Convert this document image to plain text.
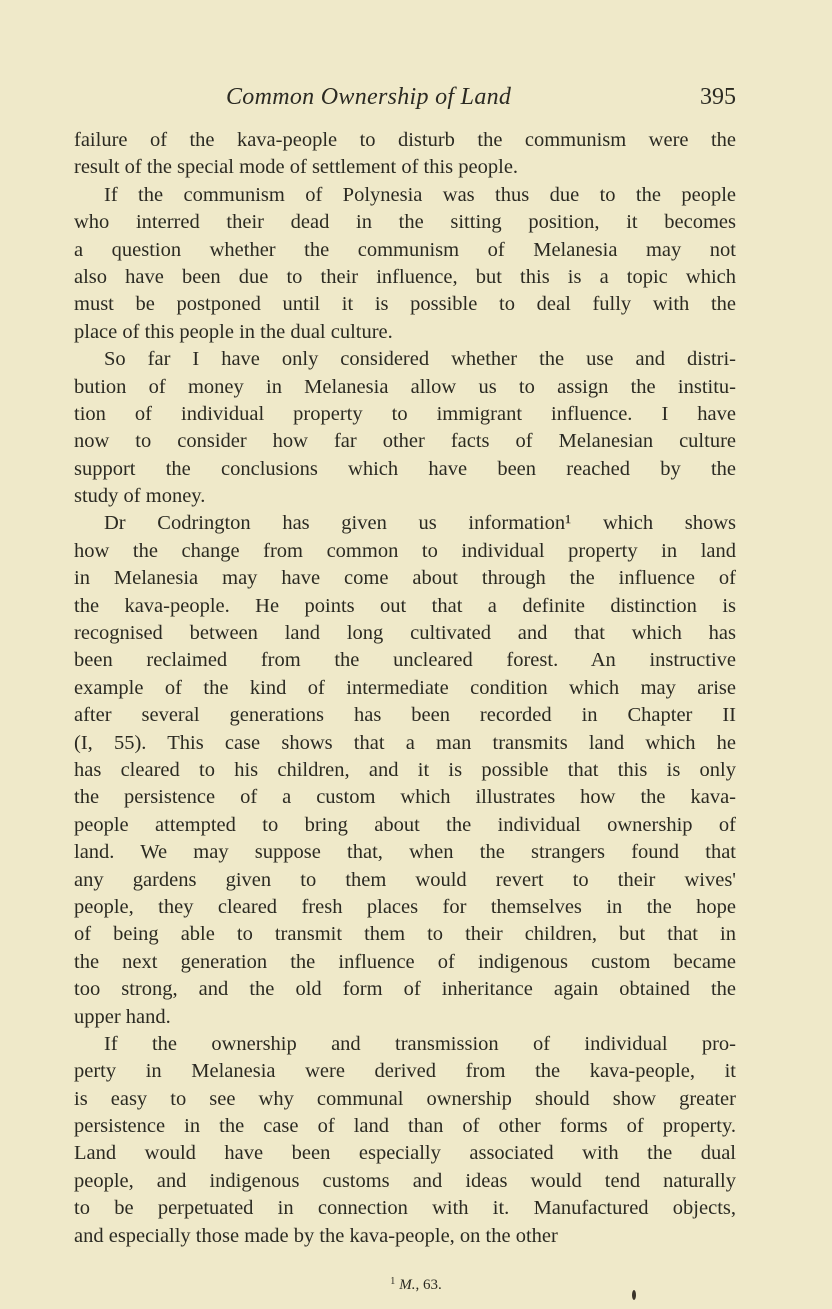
Common Ownership of Land	395
failure of the kava-people to disturb the communism were the
result of the special mode of settlement of this people.
If the communism of Polynesia was thus due to the people
who interred their dead in the sitting position, it becomes
a question whether the communism of Melanesia may not
also have been due to their influence, but this is a topic which
must be postponed until it is possible to deal fully with the
place of this people in the dual culture.
So far I have only considered whether the use and distri-
bution of money in Melanesia allow us to assign the institu-
tion of individual property to immigrant influence. I have
now to consider how far other facts of Melanesian culture
support the conclusions which have been reached by the
study of money.
Dr Codrington has given us information¹ which shows
how the change from common to individual property in land
in Melanesia may have come about through the influence of
the kava-people. He points out that a definite distinction is
recognised between land long cultivated and that which has
been reclaimed from the uncleared forest. An instructive
example of the kind of intermediate condition which may arise
after several generations has been recorded in Chapter II
(I, 55). This case shows that a man transmits land which he
has cleared to his children, and it is possible that this is only
the persistence of a custom which illustrates how the kava-
people attempted to bring about the individual ownership of
land. We may suppose that, when the strangers found that
any gardens given to them would revert to their wives'
people, they cleared fresh places for themselves in the hope
of being able to transmit them to their children, but that in
the next generation the influence of indigenous custom became
too strong, and the old form of inheritance again obtained the
upper hand.
If the ownership and transmission of individual pro-
perty in Melanesia were derived from the kava-people, it
is easy to see why communal ownership should show greater
persistence in the case of land than of other forms of property.
Land would have been especially associated with the dual
people, and indigenous customs and ideas would tend naturally
to be perpetuated in connection with it. Manufactured objects,
and especially those made by the kava-people, on the other
$^1$ M., 63.
